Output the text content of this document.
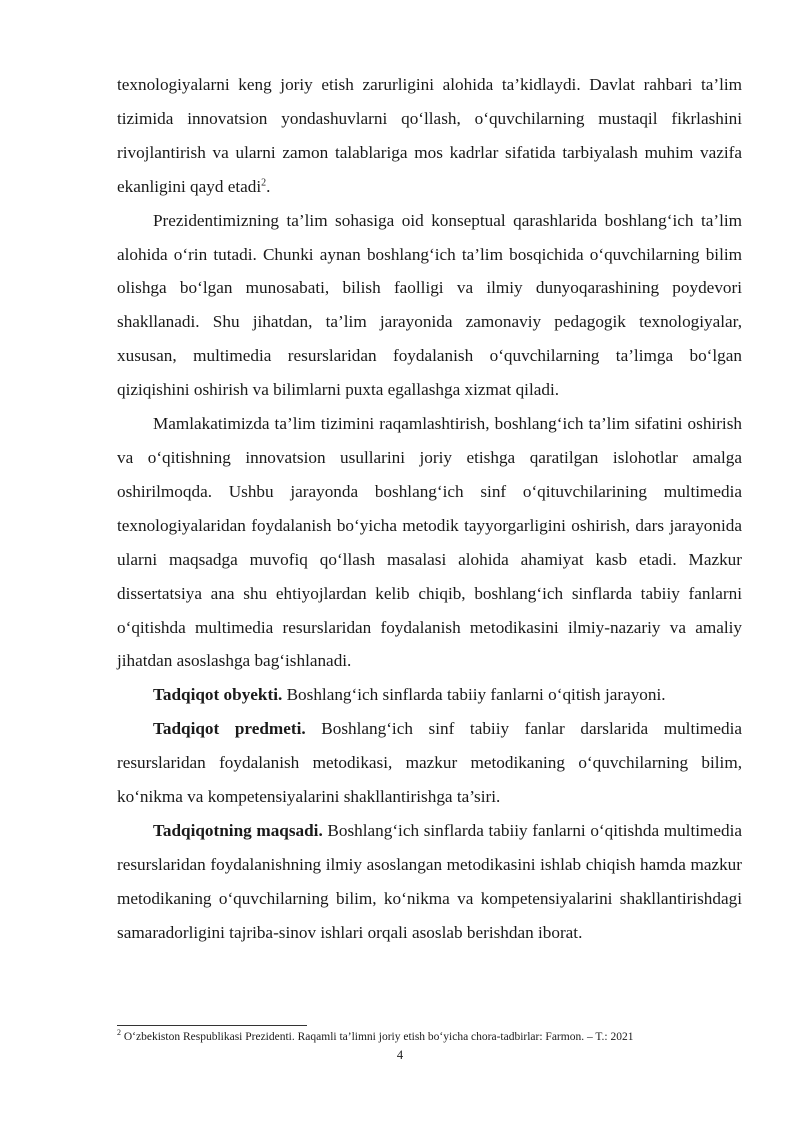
texnologiyalarni keng joriy etish zarurligini alohida ta’kidlaydi. Davlat rahbari ta’lim tizimida innovatsion yondashuvlarni qo‘llash, o‘quvchilarning mustaqil fikrlashini rivojlantirish va ularni zamon talablariga mos kadrlar sifatida tarbiyalash muhim vazifa ekanligini qayd etadi$^2$.

Prezidentimizning ta’lim sohasiga oid konseptual qarashlarida boshlang‘ich ta’lim alohida o‘rin tutadi. Chunki aynan boshlang‘ich ta’lim bosqichida o‘quvchilarning bilim olishga bo‘lgan munosabati, bilish faolligi va ilmiy dunyoqarashining poydevori shakllanadi. Shu jihatdan, ta’lim jarayonida zamonaviy pedagogik texnologiyalar, xususan, multimedia resurslaridan foydalanish o‘quvchilarning ta’limga bo‘lgan qiziqishini oshirish va bilimlarni puxta egallashga xizmat qiladi.

Mamlakatimizda ta’lim tizimini raqamlashtirish, boshlang‘ich ta’lim sifatini oshirish va o‘qitishning innovatsion usullarini joriy etishga qaratilgan islohotlar amalga oshirilmoqda. Ushbu jarayonda boshlang‘ich sinf o‘qituvchilarining multimedia texnologiyalaridan foydalanish bo‘yicha metodik tayyorgarligini oshirish, dars jarayonida ularni maqsadga muvofiq qo‘llash masalasi alohida ahamiyat kasb etadi. Mazkur dissertatsiya ana shu ehtiyojlardan kelib chiqib, boshlang‘ich sinflarda tabiiy fanlarni o‘qitishda multimedia resurslaridan foydalanish metodikasini ilmiy-nazariy va amaliy jihatdan asoslashga bag‘ishlanadi.

Tadqiqot obyekti. Boshlang‘ich sinflarda tabiiy fanlarni o‘qitish jarayoni.

Tadqiqot predmeti. Boshlang‘ich sinf tabiiy fanlar darslarida multimedia resurslaridan foydalanish metodikasi, mazkur metodikaning o‘quvchilarning bilim, ko‘nikma va kompetensiyalarini shakllantirishga ta’siri.

Tadqiqotning maqsadi. Boshlang‘ich sinflarda tabiiy fanlarni o‘qitishda multimedia resurslaridan foydalanishning ilmiy asoslangan metodikasini ishlab chiqish hamda mazkur metodikaning o‘quvchilarning bilim, ko‘nikma va kompetensiyalarini shakllantirishdagi samaradorligini tajriba-sinov ishlari orqali asoslab berishdan iborat.

$^2$ O‘zbekiston Respublikasi Prezidenti. Raqamli ta’limni joriy etish bo‘yicha chora-tadbirlar: Farmon. – T.: 2021
4
